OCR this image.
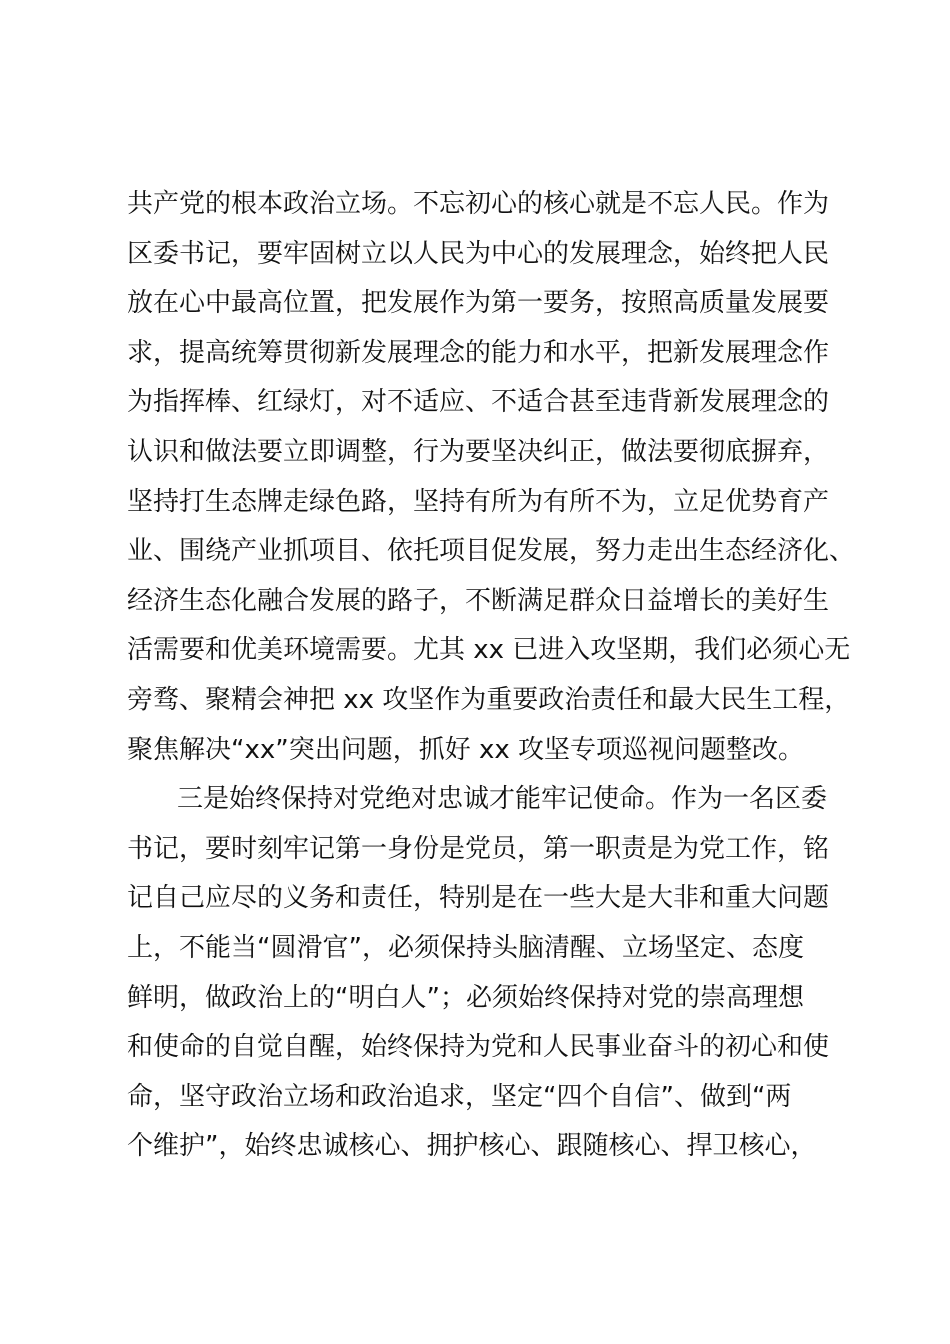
共产党的根本政治立场。不忘初心的核心就是不忘人民。作为
区委书记，要牢固树立以人民为中心的发展理念，始终把人民
放在心中最高位置，把发展作为第一要务，按照高质量发展要
求，提高统筹贯彻新发展理念的能力和水平，把新发展理念作
为指挥棒、红绿灯，对不适应、不适合甚至违背新发展理念的
认识和做法要立即调整，行为要坚决纠正，做法要彻底摒弃，
坚持打生态牌走绿色路，坚持有所为有所不为，立足优势育产
业、围绕产业抓项目、依托项目促发展，努力走出生态经济化、
经济生态化融合发展的路子，不断满足群众日益增长的美好生
活需要和优美环境需要。尤其 xx 已进入攻坚期，我们必须心无
旁骛、聚精会神把 xx 攻坚作为重要政治责任和最大民生工程，
聚焦解决“xx”突出问题，抓好 xx 攻坚专项巡视问题整改。
三是始终保持对党绝对忠诚才能牢记使命。作为一名区委
书记，要时刻牢记第一身份是党员，第一职责是为党工作，铭
记自己应尽的义务和责任，特别是在一些大是大非和重大问题
上，不能当“圆滑官”，必须保持头脑清醒、立场坚定、态度
鲜明，做政治上的“明白人”；必须始终保持对党的崇高理想
和使命的自觉自醒，始终保持为党和人民事业奋斗的初心和使
命，坚守政治立场和政治追求，坚定“四个自信”、做到“两
个维护”，始终忠诚核心、拥护核心、跟随核心、捍卫核心，
